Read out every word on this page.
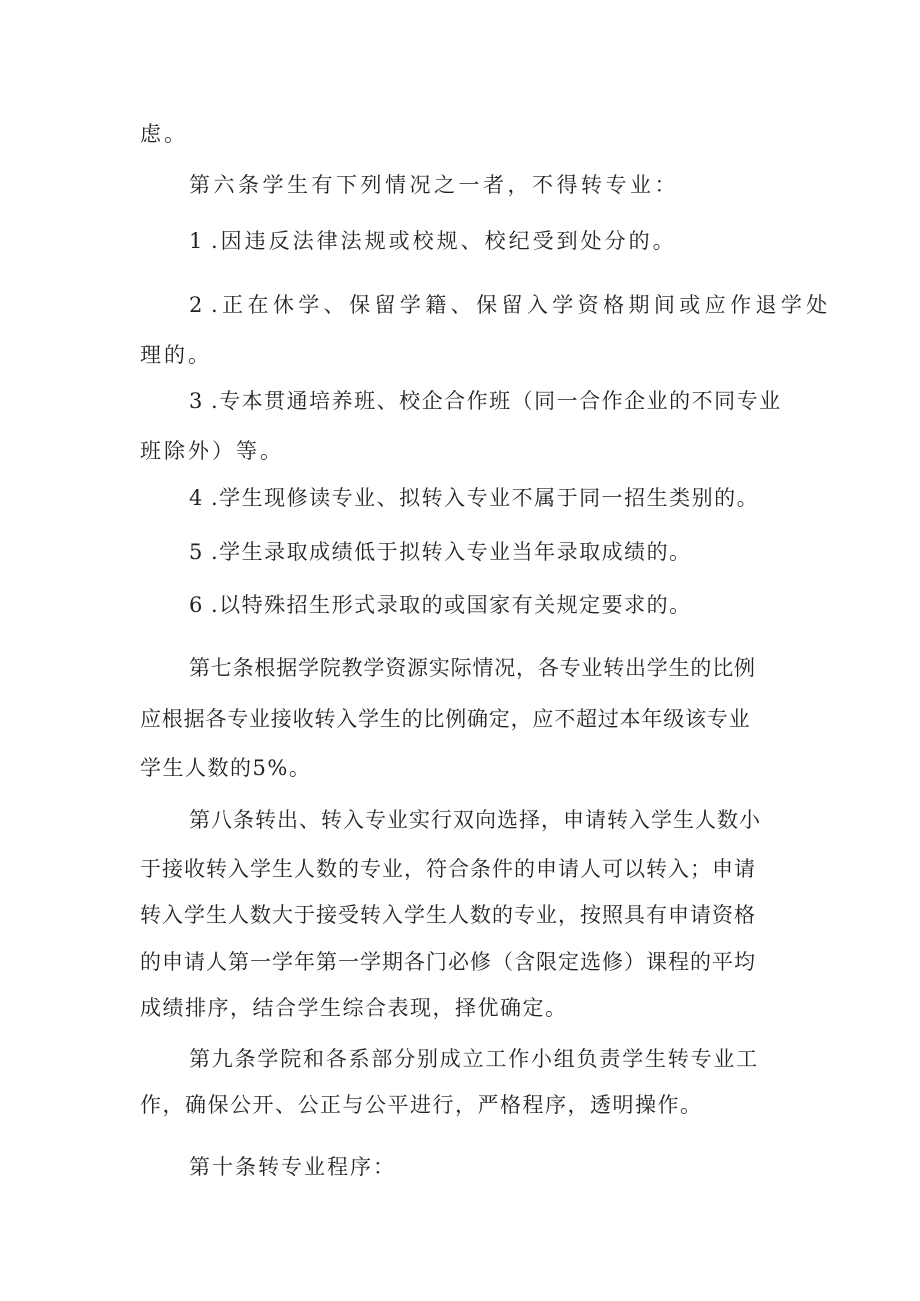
虑。

第六条学生有下列情况之一者，不得转专业：

1 .因违反法律法规或校规、校纪受到处分的。

2 .正在休学、保留学籍、保留入学资格期间或应作退学处

理的。

3 .专本贯通培养班、校企合作班（同一合作企业的不同专业

班除外）等。

4 .学生现修读专业、拟转入专业不属于同一招生类别的。

5 .学生录取成绩低于拟转入专业当年录取成绩的。

6 .以特殊招生形式录取的或国家有关规定要求的。

第七条根据学院教学资源实际情况，各专业转出学生的比例

应根据各专业接收转入学生的比例确定，应不超过本年级该专业

学生人数的5%。

第八条转出、转入专业实行双向选择，申请转入学生人数小

于接收转入学生人数的专业，符合条件的申请人可以转入；申请

转入学生人数大于接受转入学生人数的专业，按照具有申请资格

的申请人第一学年第一学期各门必修（含限定选修）课程的平均

成绩排序，结合学生综合表现，择优确定。

第九条学院和各系部分别成立工作小组负责学生转专业工

作，确保公开、公正与公平进行，严格程序，透明操作。

第十条转专业程序：
